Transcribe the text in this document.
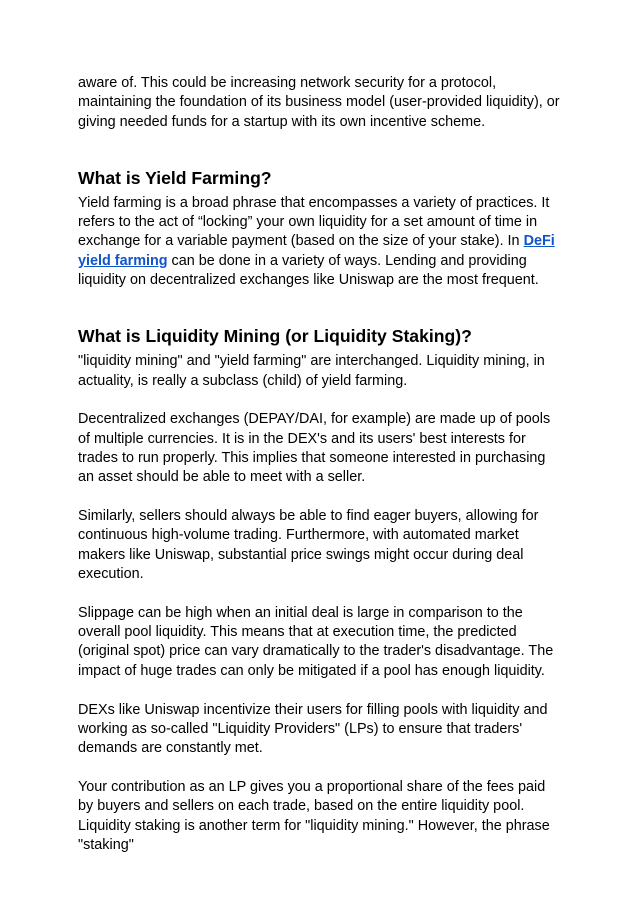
aware of. This could be increasing network security for a protocol, maintaining the foundation of its business model (user-provided liquidity), or giving needed funds for a startup with its own incentive scheme.

What is Yield Farming?

Yield farming is a broad phrase that encompasses a variety of practices. It refers to the act of “locking” your own liquidity for a set amount of time in exchange for a variable payment (based on the size of your stake). In DeFi yield farming can be done in a variety of ways. Lending and providing liquidity on decentralized exchanges like Uniswap are the most frequent.

What is Liquidity Mining (or Liquidity Staking)?

"liquidity mining" and "yield farming" are interchanged. Liquidity mining, in actuality, is really a subclass (child) of yield farming.

Decentralized exchanges (DEPAY/DAI, for example) are made up of pools of multiple currencies. It is in the DEX's and its users' best interests for trades to run properly. This implies that someone interested in purchasing an asset should be able to meet with a seller.

Similarly, sellers should always be able to find eager buyers, allowing for continuous high-volume trading. Furthermore, with automated market makers like Uniswap, substantial price swings might occur during deal execution.

Slippage can be high when an initial deal is large in comparison to the overall pool liquidity. This means that at execution time, the predicted (original spot) price can vary dramatically to the trader's disadvantage. The impact of huge trades can only be mitigated if a pool has enough liquidity.

DEXs like Uniswap incentivize their users for filling pools with liquidity and working as so-called "Liquidity Providers" (LPs) to ensure that traders' demands are constantly met.

Your contribution as an LP gives you a proportional share of the fees paid by buyers and sellers on each trade, based on the entire liquidity pool. Liquidity staking is another term for "liquidity mining." However, the phrase "staking"
